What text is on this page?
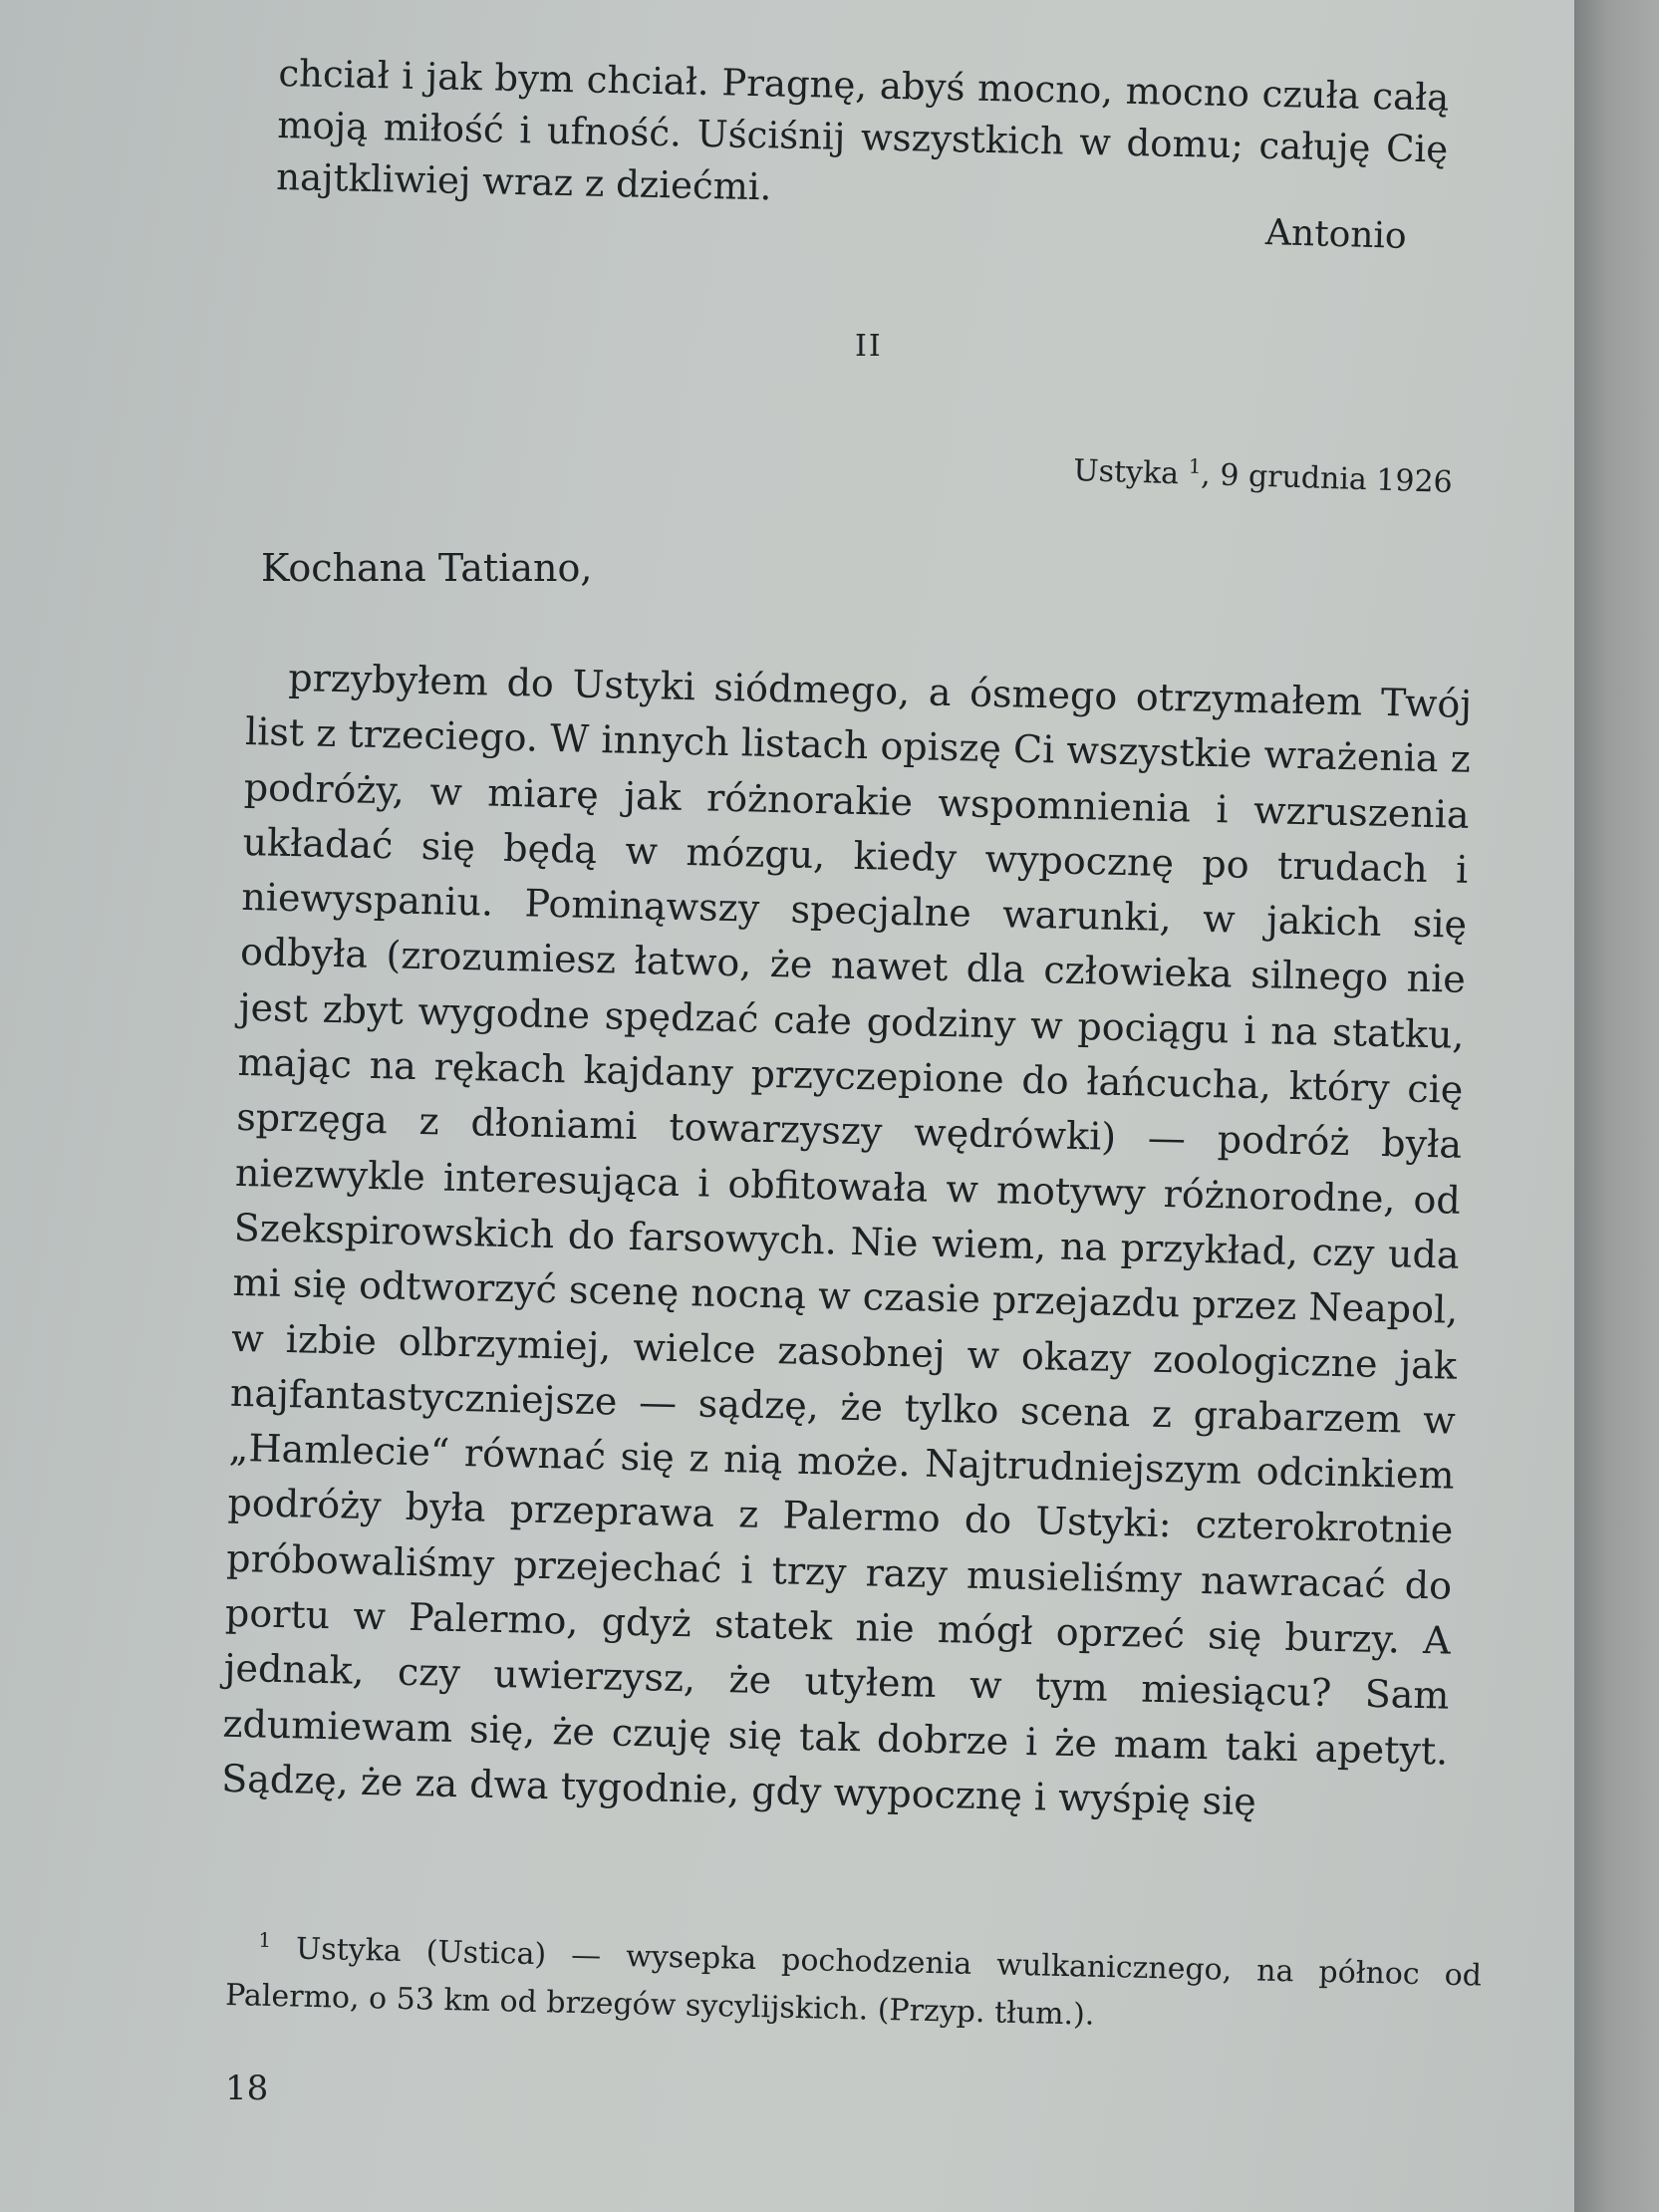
chciał i jak bym chciał. Pragnę, abyś mocno, mocno czuła całą moją miłość i ufność. Uściśnij wszystkich w domu; całuję Cię najtkliwiej wraz z dziećmi.

Antonio
II
Ustyka $^1$, 9 grudnia 1926
Kochana Tatiano,

przybyłem do Ustyki siódmego, a ósmego otrzymałem Twój list z trzeciego. W innych listach opiszę Ci wszystkie wrażenia z podróży, w miarę jak różnorakie wspomnienia i wzruszenia układać się będą w mózgu, kiedy wypocznę po trudach i niewyspaniu. Pominąwszy specjalne warunki, w jakich się odbyła (zrozumiesz łatwo, że nawet dla człowieka silnego nie jest zbyt wygodne spędzać całe godziny w pociągu i na statku, mając na rękach kajdany przyczepione do łańcucha, który cię sprzęga z dłoniami towarzyszy wędrówki) — podróż była niezwykle interesująca i obfitowała w motywy różnorodne, od Szekspirowskich do farsowych. Nie wiem, na przykład, czy uda mi się odtworzyć scenę nocną w czasie przejazdu przez Neapol, w izbie olbrzymiej, wielce zasobnej w okazy zoologiczne jak najfantastyczniejsze — sądzę, że tylko scena z grabarzem w „Hamlecie“ równać się z nią może. Najtrudniejszym odcinkiem podróży była przeprawa z Palermo do Ustyki: czterokrotnie próbowaliśmy przejechać i trzy razy musieliśmy nawracać do portu w Palermo, gdyż statek nie mógł oprzeć się burzy. A jednak, czy uwierzysz, że utyłem w tym miesiącu? Sam zdumiewam się, że czuję się tak dobrze i że mam taki apetyt. Sądzę, że za dwa tygodnie, gdy wypocznę i wyśpię się

$^1$ Ustyka (Ustica) — wysepka pochodzenia wulkanicznego, na północ od Palermo, o 53 km od brzegów sycylijskich. (Przyp. tłum.).

18
